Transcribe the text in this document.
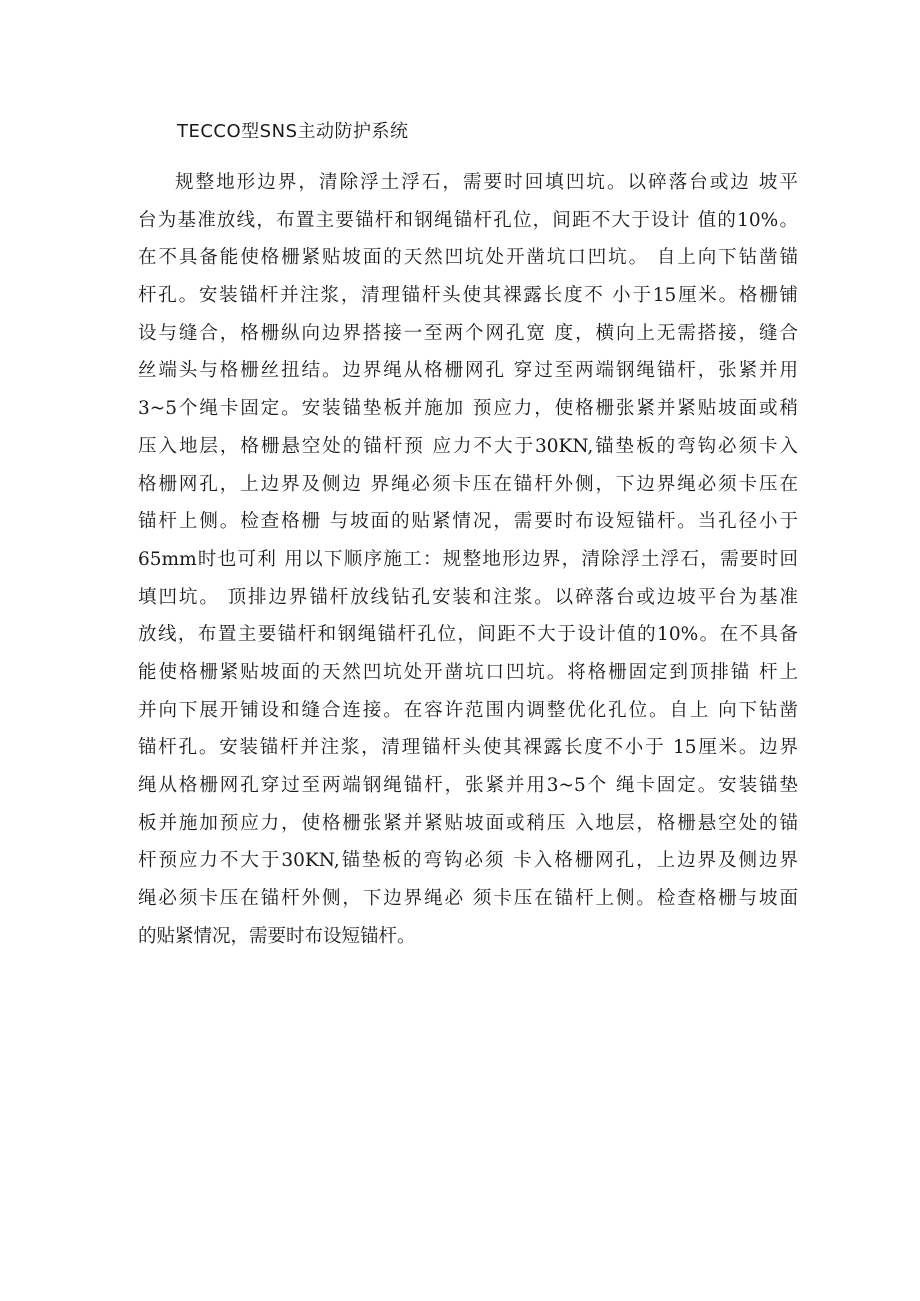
TECCO型SNS主动防护系统
规整地形边界，清除浮土浮石，需要时回填凹坑。以碎落台或边 坡平
台为基准放线，布置主要锚杆和钢绳锚杆孔位，间距不大于设计 值的10%。
在不具备能使格栅紧贴坡面的天然凹坑处开凿坑口凹坑。 自上向下钻凿锚
杆孔。安装锚杆并注浆，清理锚杆头使其裸露长度不 小于15厘米。格栅铺
设与缝合，格栅纵向边界搭接一至两个网孔宽 度，横向上无需搭接，缝合
丝端头与格栅丝扭结。边界绳从格栅网孔 穿过至两端钢绳锚杆，张紧并用
3~5个绳卡固定。安装锚垫板并施加 预应力，使格栅张紧并紧贴坡面或稍
压入地层，格栅悬空处的锚杆预 应力不大于30KN,锚垫板的弯钩必须卡入
格栅网孔，上边界及侧边 界绳必须卡压在锚杆外侧，下边界绳必须卡压在
锚杆上侧。检查格栅 与坡面的贴紧情况，需要时布设短锚杆。当孔径小于
65mm时也可利 用以下顺序施工：规整地形边界，清除浮土浮石，需要时回
填凹坑。 顶排边界锚杆放线钻孔安装和注浆。以碎落台或边坡平台为基准
放线，布置主要锚杆和钢绳锚杆孔位，间距不大于设计值的10%。在不具备
能使格栅紧贴坡面的天然凹坑处开凿坑口凹坑。将格栅固定到顶排锚 杆上
并向下展开铺设和缝合连接。在容许范围内调整优化孔位。自上 向下钻凿
锚杆孔。安装锚杆并注浆，清理锚杆头使其裸露长度不小于 15厘米。边界
绳从格栅网孔穿过至两端钢绳锚杆，张紧并用3~5个 绳卡固定。安装锚垫
板并施加预应力，使格栅张紧并紧贴坡面或稍压 入地层，格栅悬空处的锚
杆预应力不大于30KN,锚垫板的弯钩必须 卡入格栅网孔，上边界及侧边界
绳必须卡压在锚杆外侧，下边界绳必 须卡压在锚杆上侧。检查格栅与坡面
的贴紧情况，需要时布设短锚杆。
